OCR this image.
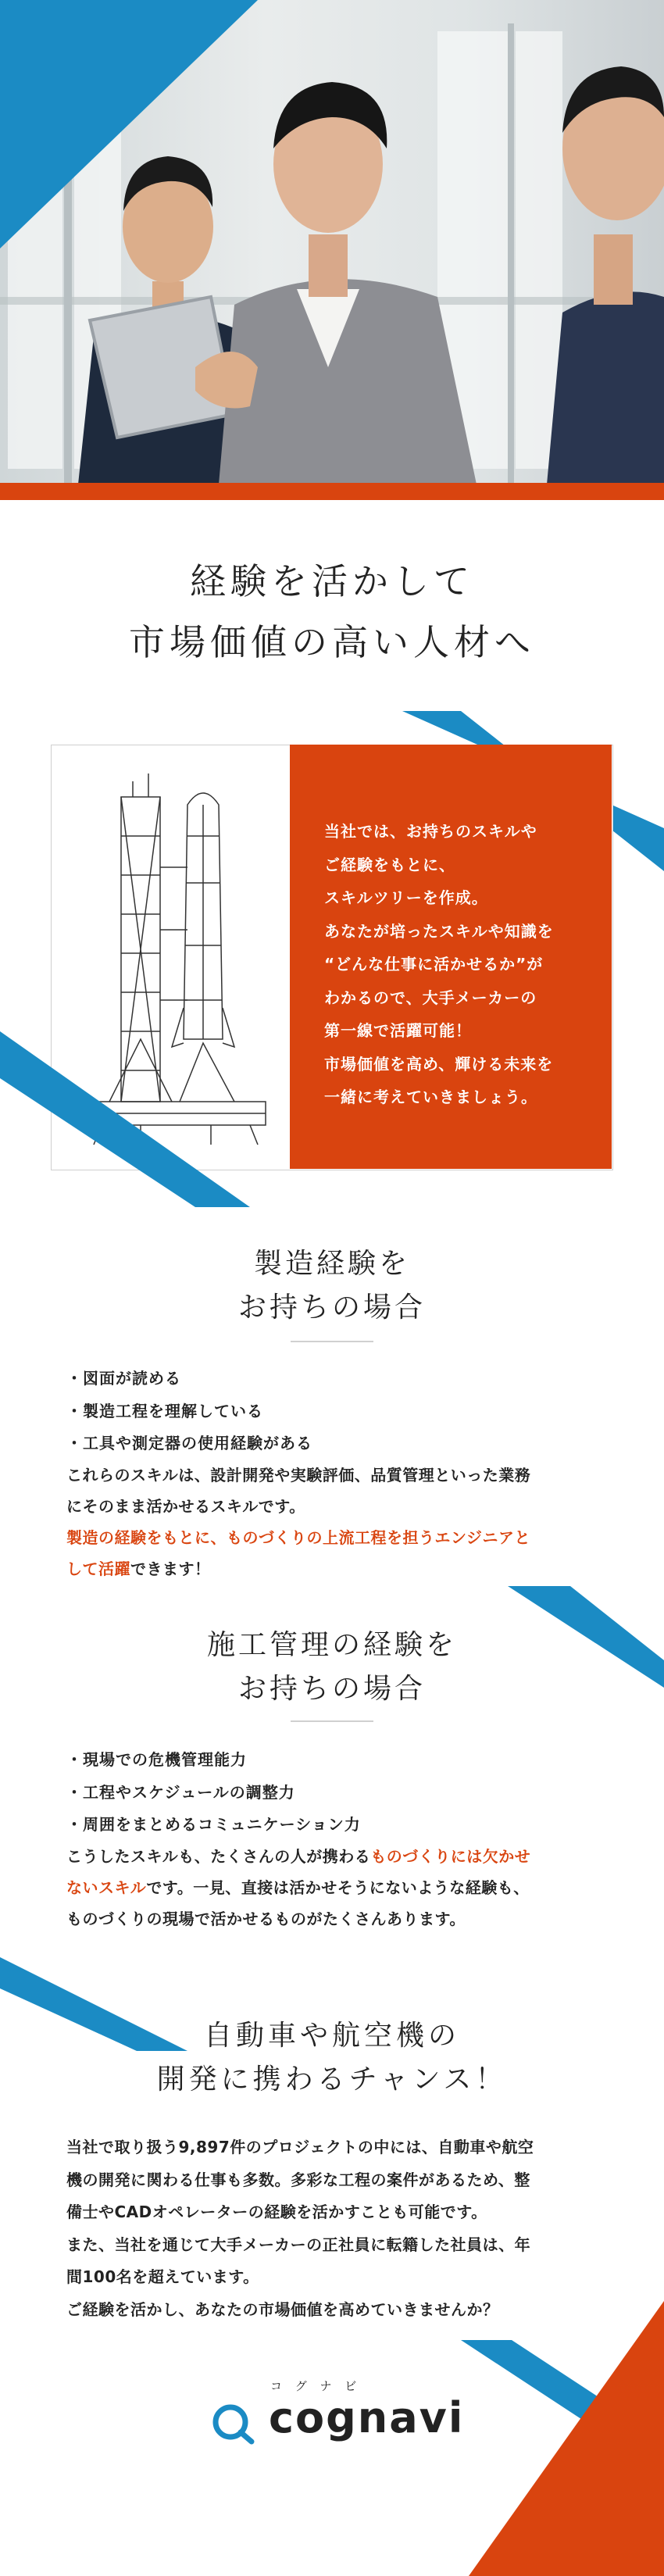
経験を活かして
市場価値の高い人材へ
当社では、お持ちのスキルや
ご経験をもとに、
スキルツリーを作成。
あなたが培ったスキルや知識を
“どんな仕事に活かせるか”が
わかるので、大手メーカーの
第一線で活躍可能！
市場価値を高め、輝ける未来を
一緒に考えていきましょう。
製造経験を
お持ちの場合
・図面が読める
・製造工程を理解している
・工具や測定器の使用経験がある
これらのスキルは、設計開発や実験評価、品質管理といった業務
にそのまま活かせるスキルです。
製造の経験をもとに、ものづくりの上流工程を担うエンジニアと
して活躍できます！
施工管理の経験を
お持ちの場合
・現場での危機管理能力
・工程やスケジュールの調整力
・周囲をまとめるコミュニケーション力
こうしたスキルも、たくさんの人が携わるものづくりには欠かせ
ないスキルです。一見、直接は活かせそうにないような経験も、
ものづくりの現場で活かせるものがたくさんあります。
自動車や航空機の
開発に携わるチャンス！
当社で取り扱う9,897件のプロジェクトの中には、自動車や航空
機の開発に関わる仕事も多数。多彩な工程の案件があるため、整
備士やCADオペレーターの経験を活かすことも可能です。
また、当社を通じて大手メーカーの正社員に転籍した社員は、年
間100名を超えています。
ご経験を活かし、あなたの市場価値を高めていきませんか？
コ グ ナ ビ
cognavi
